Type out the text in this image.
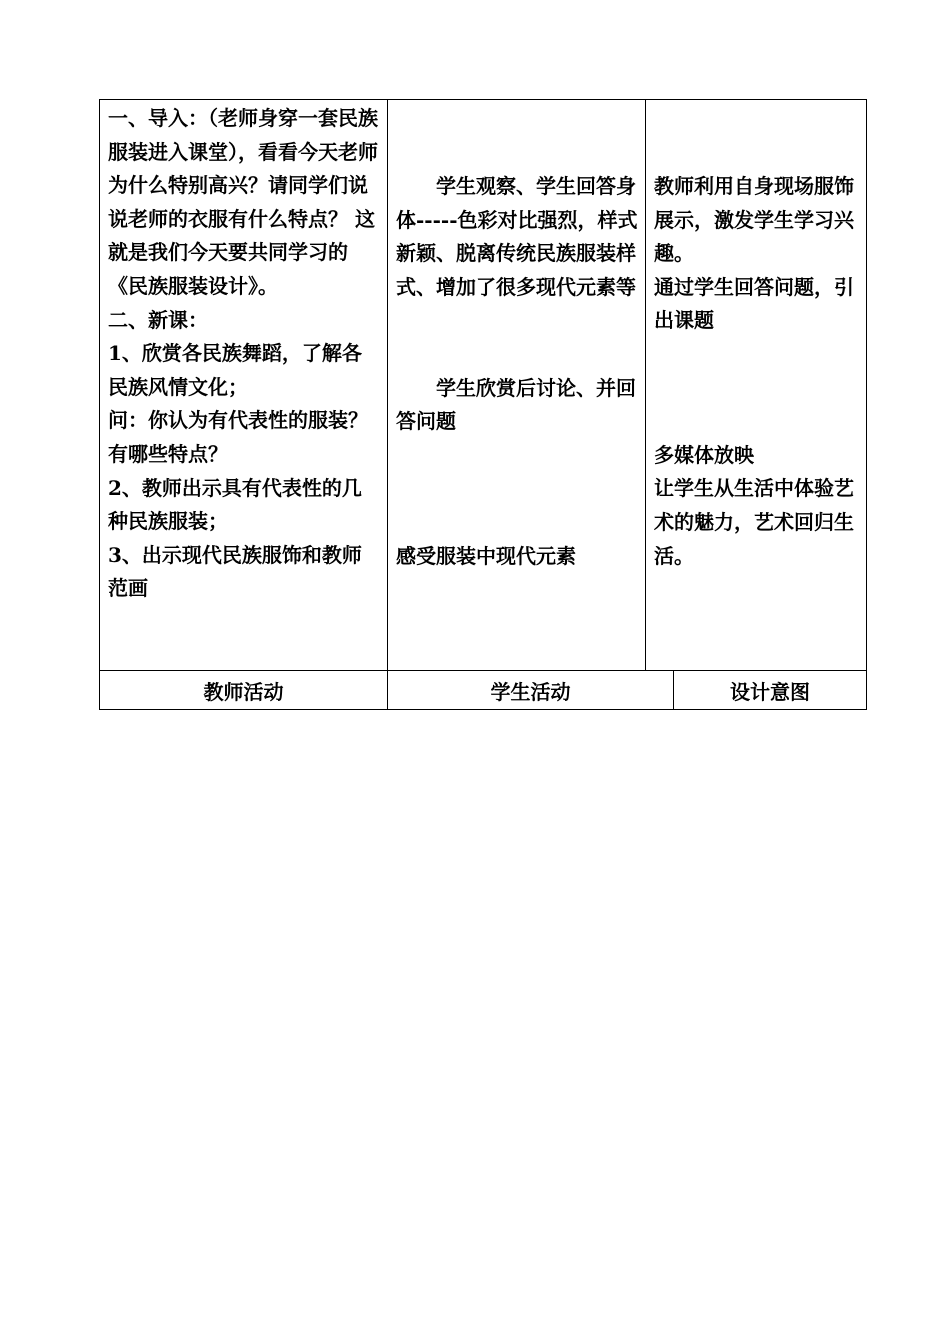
一、导入：（老师身穿一套民族服装进入课堂），看看今天老师为什么特别高兴？请同学们说说老师的衣服有什么特点？ 这就是我们今天要共同学习的《民族服装设计》。

二、新课：

1、欣赏各民族舞蹈，了解各民族风情文化；

问：你认为有代表性的服装？有哪些特点？

2、教师出示具有代表性的几种民族服装；

3、出示现代民族服饰和教师范画

学生观察、学生回答身体-----色彩对比强烈，样式新颖、脱离传统民族服装样式、增加了很多现代元素等

学生欣赏后讨论、并回答问题

感受服装中现代元素

教师利用自身现场服饰展示，激发学生学习兴趣。

通过学生回答问题，引出课题

多媒体放映

让学生从生活中体验艺术的魅力，艺术回归生活。

教师活动	学生活动	设计意图
